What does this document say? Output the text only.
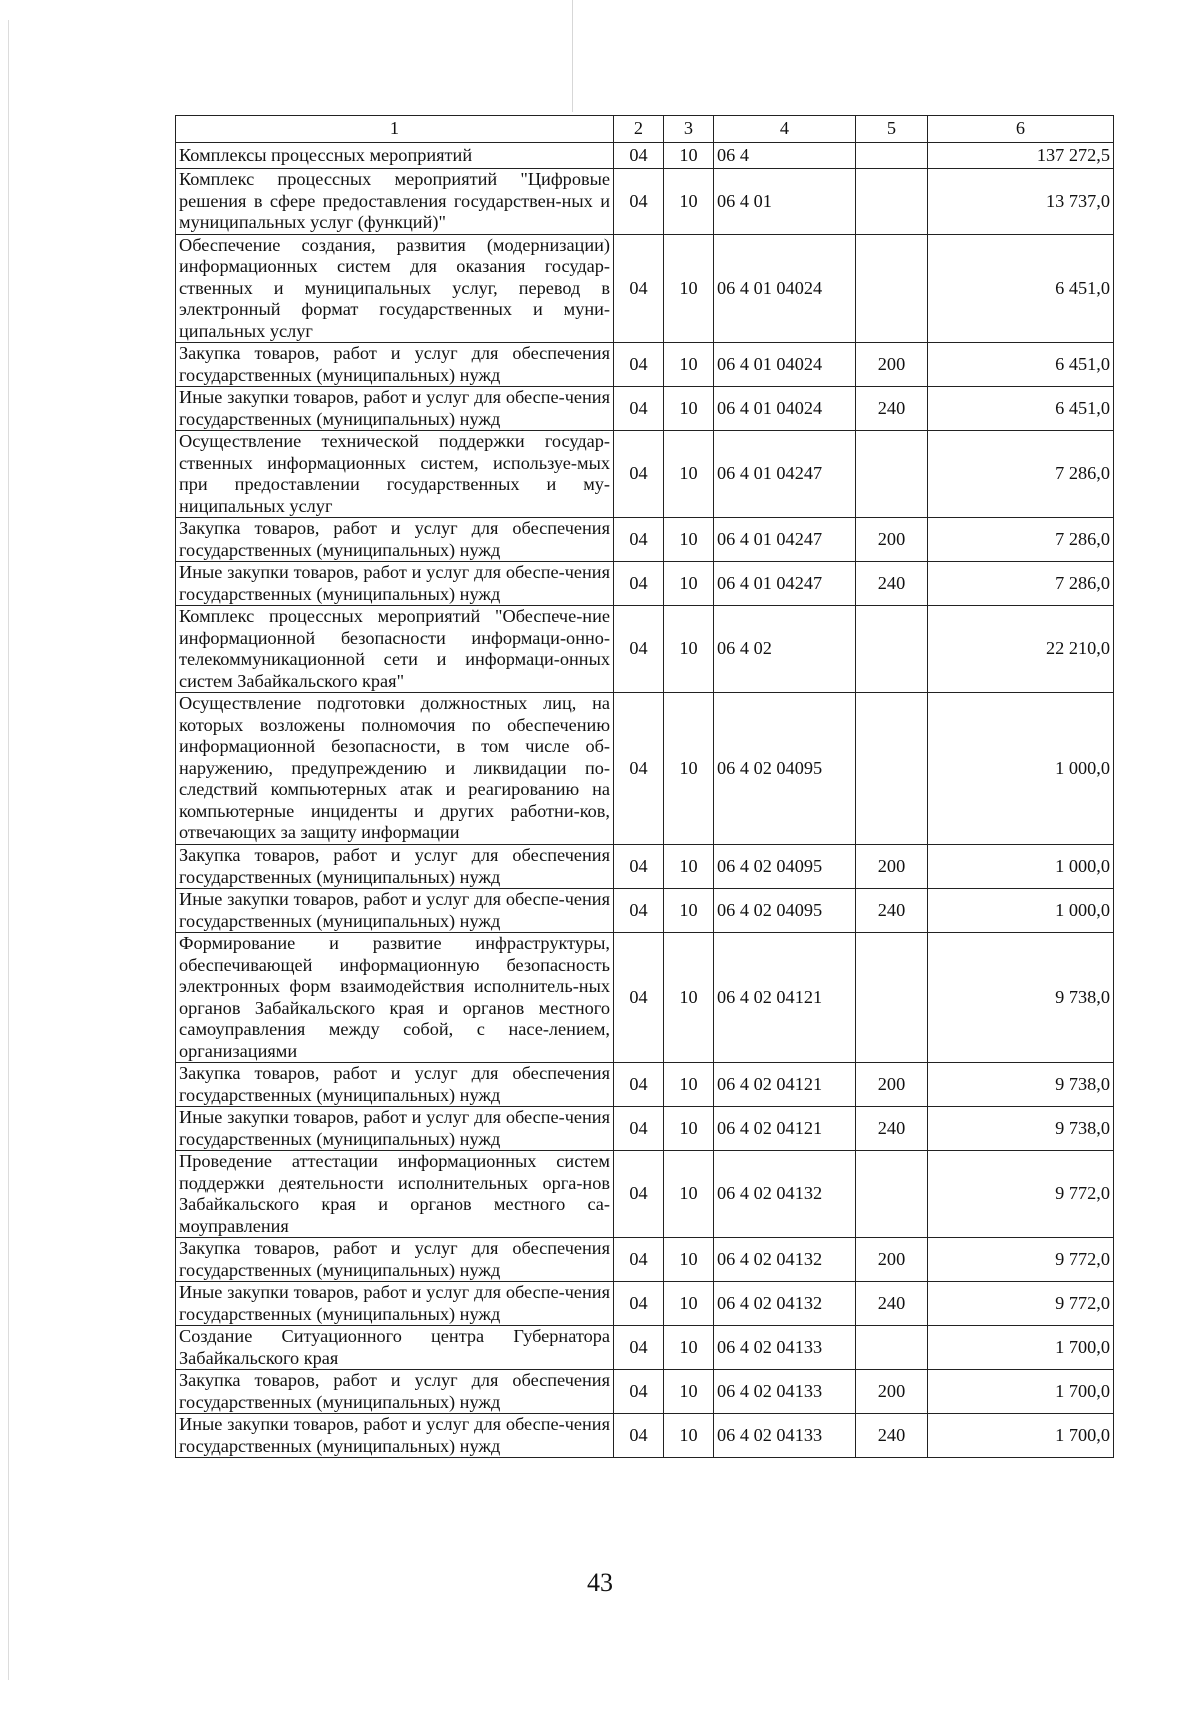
1	2	3	4	5	6
Комплексы процессных мероприятий	04	10	06 4		137 272,5
Комплекс процессных мероприятий "Цифровые решения в сфере предоставления государствен-ных и муниципальных услуг (функций)"	04	10	06 4 01		13 737,0
Обеспечение создания, развития (модернизации) информационных систем для оказания государ-ственных и муниципальных услуг, перевод в электронный формат государственных и муни-ципальных услуг	04	10	06 4 01 04024		6 451,0
Закупка товаров, работ и услуг для обеспечения государственных (муниципальных) нужд	04	10	06 4 01 04024	200	6 451,0
Иные закупки товаров, работ и услуг для обеспе-чения государственных (муниципальных) нужд	04	10	06 4 01 04024	240	6 451,0
Осуществление технической поддержки государ-ственных информационных систем, используе-мых при предоставлении государственных и му-ниципальных услуг	04	10	06 4 01 04247		7 286,0
Закупка товаров, работ и услуг для обеспечения государственных (муниципальных) нужд	04	10	06 4 01 04247	200	7 286,0
Иные закупки товаров, работ и услуг для обеспе-чения государственных (муниципальных) нужд	04	10	06 4 01 04247	240	7 286,0
Комплекс процессных мероприятий "Обеспече-ние информационной безопасности информаци-онно-телекоммуникационной сети и информаци-онных систем Забайкальского края"	04	10	06 4 02		22 210,0
Осуществление подготовки должностных лиц, на которых возложены полномочия по обеспечению информационной безопасности, в том числе об-наружению, предупреждению и ликвидации по-следствий компьютерных атак и реагированию на компьютерные инциденты и других работни-ков, отвечающих за защиту информации	04	10	06 4 02 04095		1 000,0
Закупка товаров, работ и услуг для обеспечения государственных (муниципальных) нужд	04	10	06 4 02 04095	200	1 000,0
Иные закупки товаров, работ и услуг для обеспе-чения государственных (муниципальных) нужд	04	10	06 4 02 04095	240	1 000,0
Формирование и развитие инфраструктуры, обеспечивающей информационную безопасность электронных форм взаимодействия исполнитель-ных органов Забайкальского края и органов местного самоуправления между собой, с насе-лением, организациями	04	10	06 4 02 04121		9 738,0
Закупка товаров, работ и услуг для обеспечения государственных (муниципальных) нужд	04	10	06 4 02 04121	200	9 738,0
Иные закупки товаров, работ и услуг для обеспе-чения государственных (муниципальных) нужд	04	10	06 4 02 04121	240	9 738,0
Проведение аттестации информационных систем поддержки деятельности исполнительных орга-нов Забайкальского края и органов местного са-моуправления	04	10	06 4 02 04132		9 772,0
Закупка товаров, работ и услуг для обеспечения государственных (муниципальных) нужд	04	10	06 4 02 04132	200	9 772,0
Иные закупки товаров, работ и услуг для обеспе-чения государственных (муниципальных) нужд	04	10	06 4 02 04132	240	9 772,0
Создание Ситуационного центра Губернатора Забайкальского края	04	10	06 4 02 04133		1 700,0
Закупка товаров, работ и услуг для обеспечения государственных (муниципальных) нужд	04	10	06 4 02 04133	200	1 700,0
Иные закупки товаров, работ и услуг для обеспе-чения государственных (муниципальных) нужд	04	10	06 4 02 04133	240	1 700,0
43
